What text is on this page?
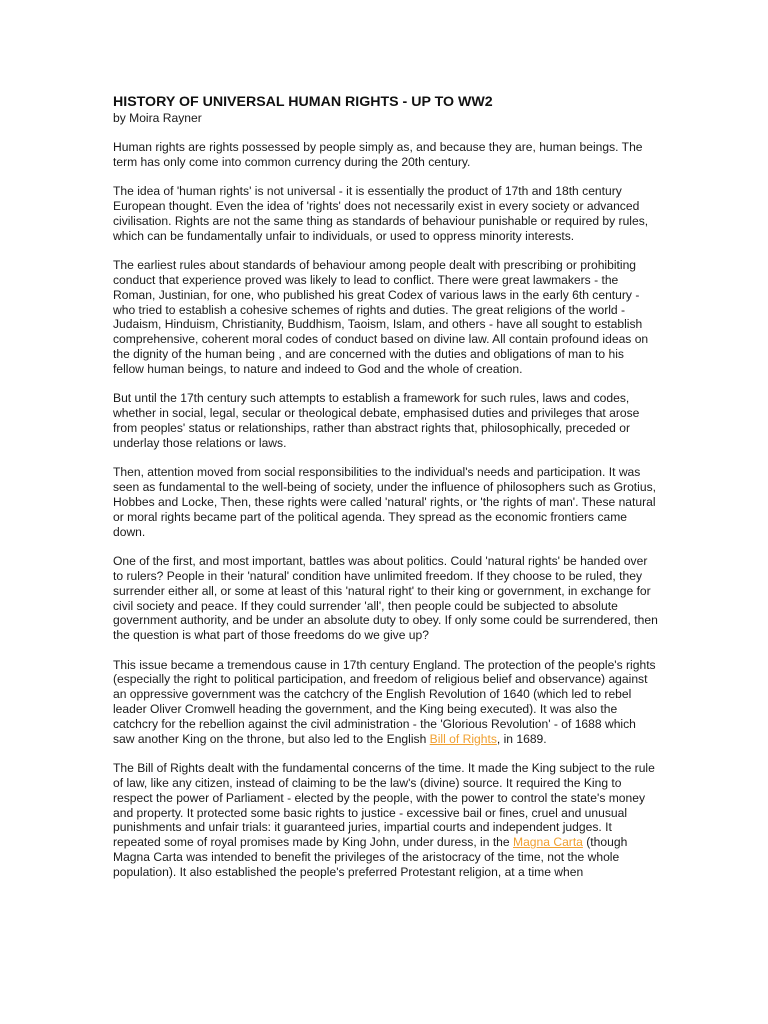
HISTORY OF UNIVERSAL HUMAN RIGHTS - UP TO WW2
by Moira Rayner

Human rights are rights possessed by people simply as, and because they are, human beings. The term has only come into common currency during the 20th century.

The idea of 'human rights' is not universal - it is essentially the product of 17th and 18th century European thought. Even the idea of 'rights' does not necessarily exist in every society or advanced civilisation. Rights are not the same thing as standards of behaviour punishable or required by rules, which can be fundamentally unfair to individuals, or used to oppress minority interests.

The earliest rules about standards of behaviour among people dealt with prescribing or prohibiting conduct that experience proved was likely to lead to conflict. There were great lawmakers - the Roman, Justinian, for one, who published his great Codex of various laws in the early 6th century -who tried to establish a cohesive schemes of rights and duties. The great religions of the world - Judaism, Hinduism, Christianity, Buddhism, Taoism, Islam, and others - have all sought to establish comprehensive, coherent moral codes of conduct based on divine law. All contain profound ideas on the dignity of the human being , and are concerned with the duties and obligations of man to his fellow human beings, to nature and indeed to God and the whole of creation.

But until the 17th century such attempts to establish a framework for such rules, laws and codes, whether in social, legal, secular or theological debate, emphasised duties and privileges that arose from peoples' status or relationships, rather than abstract rights that, philosophically, preceded or underlay those relations or laws.

Then, attention moved from social responsibilities to the individual's needs and participation. It was seen as fundamental to the well-being of society, under the influence of philosophers such as Grotius, Hobbes and Locke, Then, these rights were called 'natural' rights, or 'the rights of man'. These natural or moral rights became part of the political agenda. They spread as the economic frontiers came down.

One of the first, and most important, battles was about politics. Could 'natural rights' be handed over to rulers? People in their 'natural' condition have unlimited freedom. If they choose to be ruled, they surrender either all, or some at least of this 'natural right' to their king or government, in exchange for civil society and peace. If they could surrender 'all', then people could be subjected to absolute government authority, and be under an absolute duty to obey. If only some could be surrendered, then the question is what part of those freedoms do we give up?

This issue became a tremendous cause in 17th century England. The protection of the people's rights (especially the right to political participation, and freedom of religious belief and observance) against an oppressive government was the catchcry of the English Revolution of 1640 (which led to rebel leader Oliver Cromwell heading the government, and the King being executed). It was also the catchcry for the rebellion against the civil administration - the 'Glorious Revolution' - of 1688 which saw another King on the throne, but also led to the English Bill of Rights, in 1689.

The Bill of Rights dealt with the fundamental concerns of the time. It made the King subject to the rule of law, like any citizen, instead of claiming to be the law's (divine) source. It required the King to respect the power of Parliament - elected by the people, with the power to control the state's money and property. It protected some basic rights to justice - excessive bail or fines, cruel and unusual punishments and unfair trials: it guaranteed juries, impartial courts and independent judges. It repeated some of royal promises made by King John, under duress, in the Magna Carta (though Magna Carta was intended to benefit the privileges of the aristocracy of the time, not the whole population). It also established the people's preferred Protestant religion, at a time when
